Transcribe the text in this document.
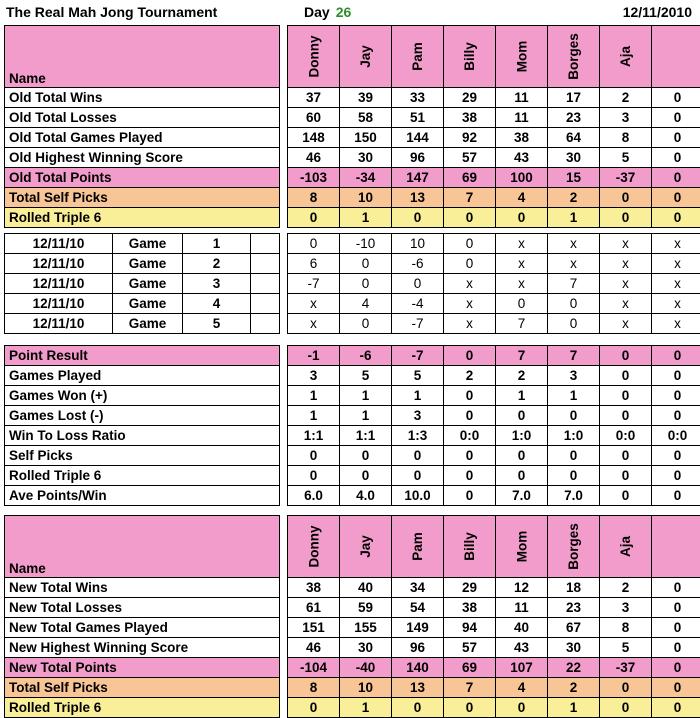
The Real Mah Jong Tournament	Day 26	12/11/2010
Name		Donny	Jay	Pam	Billy	Mom	Borges	Aja	
Old Total Wins		37	39	33	29	11	17	2	0
Old Total Losses		60	58	51	38	11	23	3	0
Old Total Games Played		148	150	144	92	38	64	8	0
Old Highest Winning Score		46	30	96	57	43	30	5	0
Old Total Points		-103	-34	147	69	100	15	-37	0
Total Self Picks		8	10	13	7	4	2	0	0
Rolled Triple 6		0	1	0	0	0	1	0	0
12/11/10	Game	1			0	-10	10	0	x	x	x	x
12/11/10	Game	2			6	0	-6	0	x	x	x	x
12/11/10	Game	3			-7	0	0	x	x	7	x	x
12/11/10	Game	4			x	4	-4	x	0	0	x	x
12/11/10	Game	5			x	0	-7	x	7	0	x	x
Point Result		-1	-6	-7	0	7	7	0	0
Games Played		3	5	5	2	2	3	0	0
Games Won (+)		1	1	1	0	1	1	0	0
Games Lost (-)		1	1	3	0	0	0	0	0
Win To Loss Ratio		1:1	1:1	1:3	0:0	1:0	1:0	0:0	0:0
Self Picks		0	0	0	0	0	0	0	0
Rolled Triple 6		0	0	0	0	0	0	0	0
Ave Points/Win		6.0	4.0	10.0	0	7.0	7.0	0	0
Name		Donny	Jay	Pam	Billy	Mom	Borges	Aja	
New Total Wins		38	40	34	29	12	18	2	0
New Total Losses		61	59	54	38	11	23	3	0
New Total Games Played		151	155	149	94	40	67	8	0
New Highest Winning Score		46	30	96	57	43	30	5	0
New Total Points		-104	-40	140	69	107	22	-37	0
Total Self Picks		8	10	13	7	4	2	0	0
Rolled Triple 6		0	1	0	0	0	1	0	0
